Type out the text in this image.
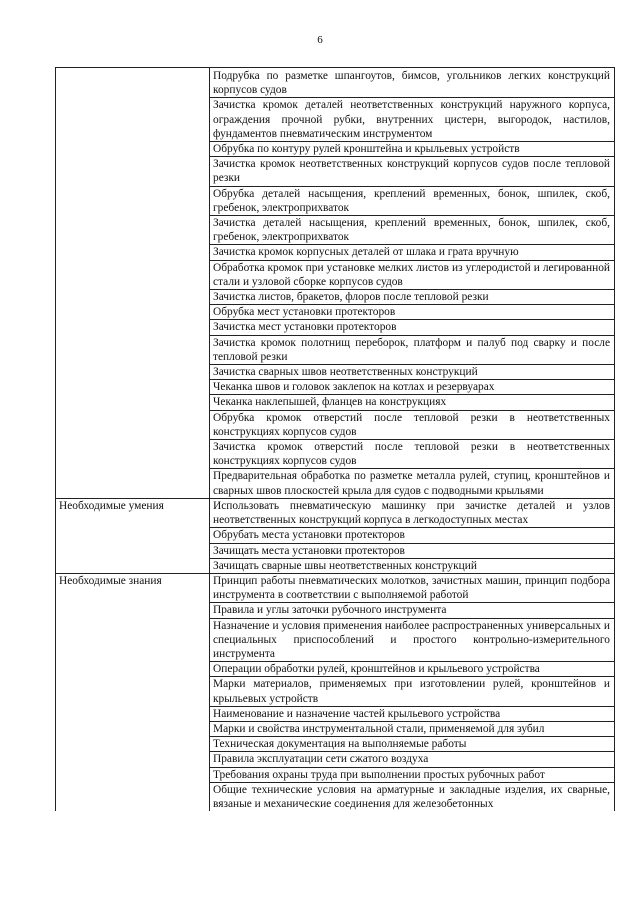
6
	Подрубка по разметке шпангоутов, бимсов, угольников легких конструкций корпусов судов
	Зачистка кромок деталей неответственных конструкций наружного корпуса, ограждения прочной рубки, внутренних цистерн, выгородок, настилов, фундаментов пневматическим инструментом
	Обрубка по контуру рулей кронштейна и крыльевых устройств
	Зачистка кромок неответственных конструкций корпусов судов после тепловой резки
	Обрубка деталей насыщения, креплений временных, бонок, шпилек, скоб, гребенок, электроприхваток
	Зачистка деталей насыщения, креплений временных, бонок, шпилек, скоб, гребенок, электроприхваток
	Зачистка кромок корпусных деталей от шлака и грата вручную
	Обработка кромок при установке мелких листов из углеродистой и легированной стали и узловой сборке корпусов судов
	Зачистка листов, бракетов, флоров после тепловой резки
	Обрубка мест установки протекторов
	Зачистка мест установки протекторов
	Зачистка кромок полотнищ переборок, платформ и палуб под сварку и после тепловой резки
	Зачистка сварных швов неответственных конструкций
	Чеканка швов и головок заклепок на котлах и резервуарах
	Чеканка наклепышей, фланцев на конструкциях
	Обрубка кромок отверстий после тепловой резки в неответственных конструкциях корпусов судов
	Зачистка кромок отверстий после тепловой резки в неответственных конструкциях корпусов судов
	Предварительная обработка по разметке металла рулей, ступиц, кронштейнов и сварных швов плоскостей крыла для судов с подводными крыльями
Необходимые умения	Использовать пневматическую машинку при зачистке деталей и узлов неответственных конструкций корпуса в легкодоступных местах
	Обрубать места установки протекторов
	Зачищать места установки протекторов
	Зачищать сварные швы неответственных конструкций
Необходимые знания	Принцип работы пневматических молотков, зачистных машин, принцип подбора инструмента в соответствии с выполняемой работой
	Правила и углы заточки рубочного инструмента
	Назначение и условия применения наиболее распространенных универсальных и специальных приспособлений и простого контрольно-измерительного инструмента
	Операции обработки рулей, кронштейнов и крыльевого устройства
	Марки материалов, применяемых при изготовлении рулей, кронштейнов и крыльевых устройств
	Наименование и назначение частей крыльевого устройства
	Марки и свойства инструментальной стали, применяемой для зубил
	Техническая документация на выполняемые работы
	Правила эксплуатации сети сжатого воздуха
	Требования охраны труда при выполнении простых рубочных работ
	Общие технические условия на арматурные и закладные изделия, их сварные, вязаные и механические соединения для железобетонных
